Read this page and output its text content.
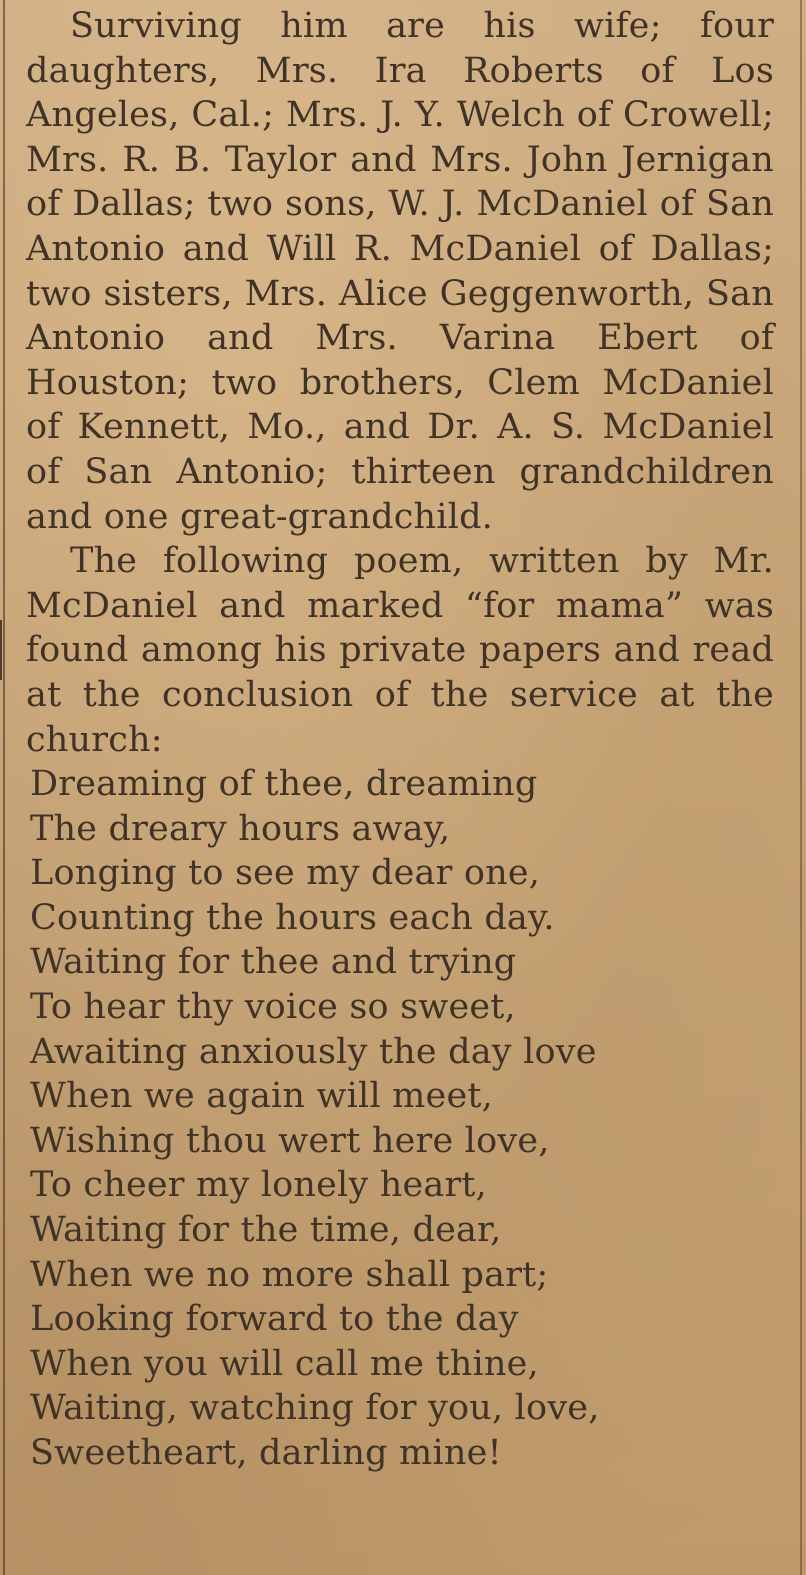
Surviving him are his wife; four daughters, Mrs. Ira Roberts of Los Angeles, Cal.; Mrs. J. Y. Welch of Crowell; Mrs. R. B. Taylor and Mrs. John Jernigan of Dallas; two sons, W. J. McDaniel of San Antonio and Will R. McDaniel of Dallas; two sisters, Mrs. Alice Geggenworth, San Antonio and Mrs. Varina Ebert of Houston; two brothers, Clem McDaniel of Kennett, Mo., and Dr. A. S. McDaniel of San Antonio; thirteen grandchildren and one great-grandchild.

The following poem, written by Mr. McDaniel and marked “for mama” was found among his private papers and read at the conclusion of the service at the church:

Dreaming of thee, dreaming
The dreary hours away,
Longing to see my dear one,
Counting the hours each day.
Waiting for thee and trying
To hear thy voice so sweet,
Awaiting anxiously the day love
When we again will meet,
Wishing thou wert here love,
To cheer my lonely heart,
Waiting for the time, dear,
When we no more shall part;
Looking forward to the day
When you will call me thine,
Waiting, watching for you, love,
Sweetheart, darling mine!
